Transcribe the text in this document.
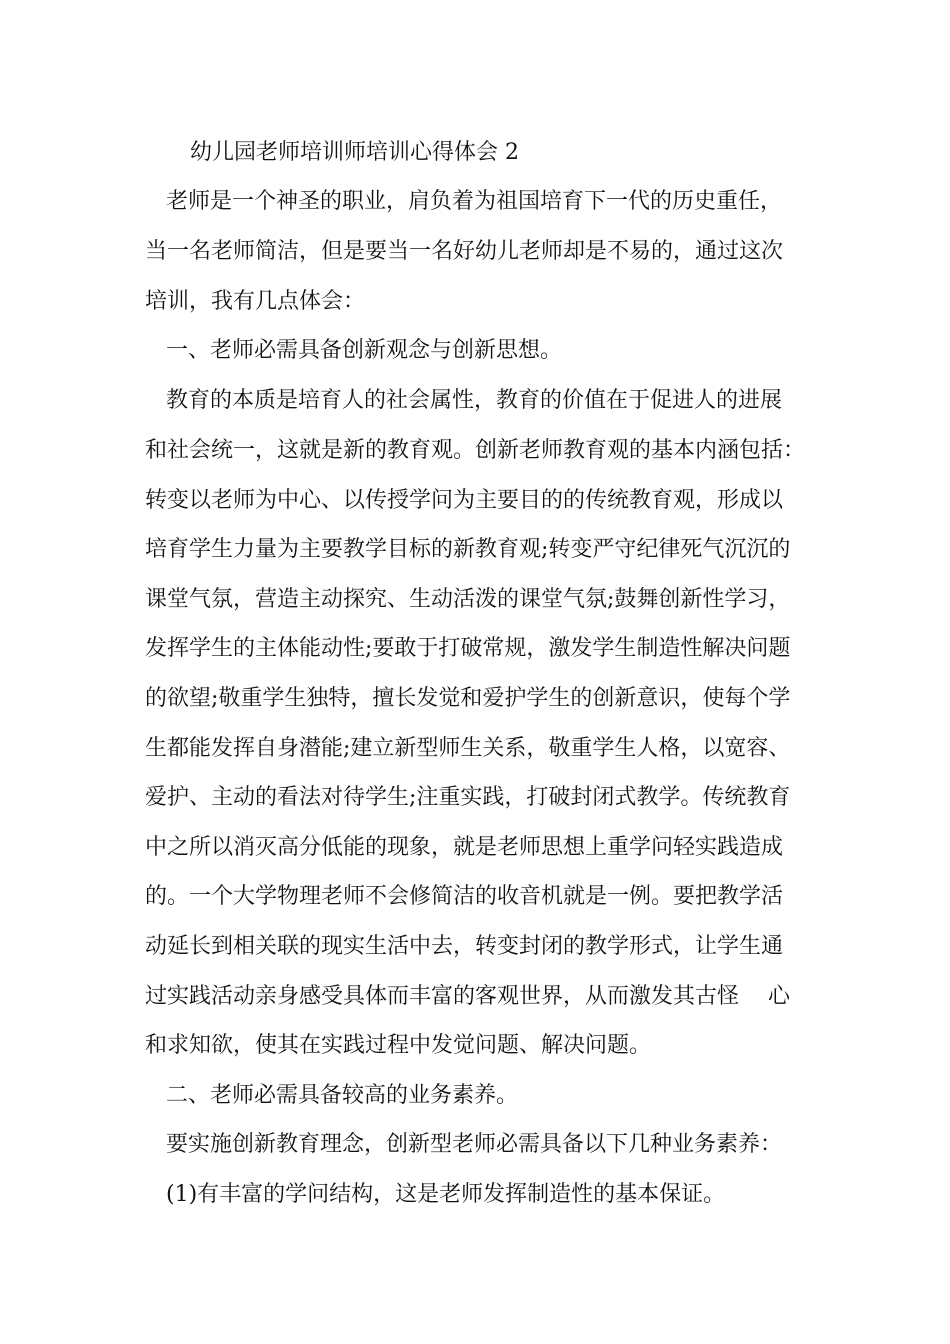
幼儿园老师培训师培训心得体会 2
老师是一个神圣的职业，肩负着为祖国培育下一代的历史重任，
当一名老师简洁，但是要当一名好幼儿老师却是不易的，通过这次
培训，我有几点体会：
一、老师必需具备创新观念与创新思想。
教育的本质是培育人的社会属性，教育的价值在于促进人的进展
和社会统一，这就是新的教育观。创新老师教育观的基本内涵包括：
转变以老师为中心、以传授学问为主要目的的传统教育观，形成以
培育学生力量为主要教学目标的新教育观;转变严守纪律死气沉沉的
课堂气氛，营造主动探究、生动活泼的课堂气氛;鼓舞创新性学习，
发挥学生的主体能动性;要敢于打破常规，激发学生制造性解决问题
的欲望;敬重学生独特，擅长发觉和爱护学生的创新意识，使每个学
生都能发挥自身潜能;建立新型师生关系，敬重学生人格，以宽容、
爱护、主动的看法对待学生;注重实践，打破封闭式教学。传统教育
中之所以消灭高分低能的现象，就是老师思想上重学问轻实践造成
的。一个大学物理老师不会修简洁的收音机就是一例。要把教学活
动延长到相关联的现实生活中去，转变封闭的教学形式，让学生通
过实践活动亲身感受具体而丰富的客观世界，从而激发其古怪　 心
和求知欲，使其在实践过程中发觉问题、解决问题。
二、老师必需具备较高的业务素养。
要实施创新教育理念，创新型老师必需具备以下几种业务素养：
(1)有丰富的学问结构，这是老师发挥制造性的基本保证。
